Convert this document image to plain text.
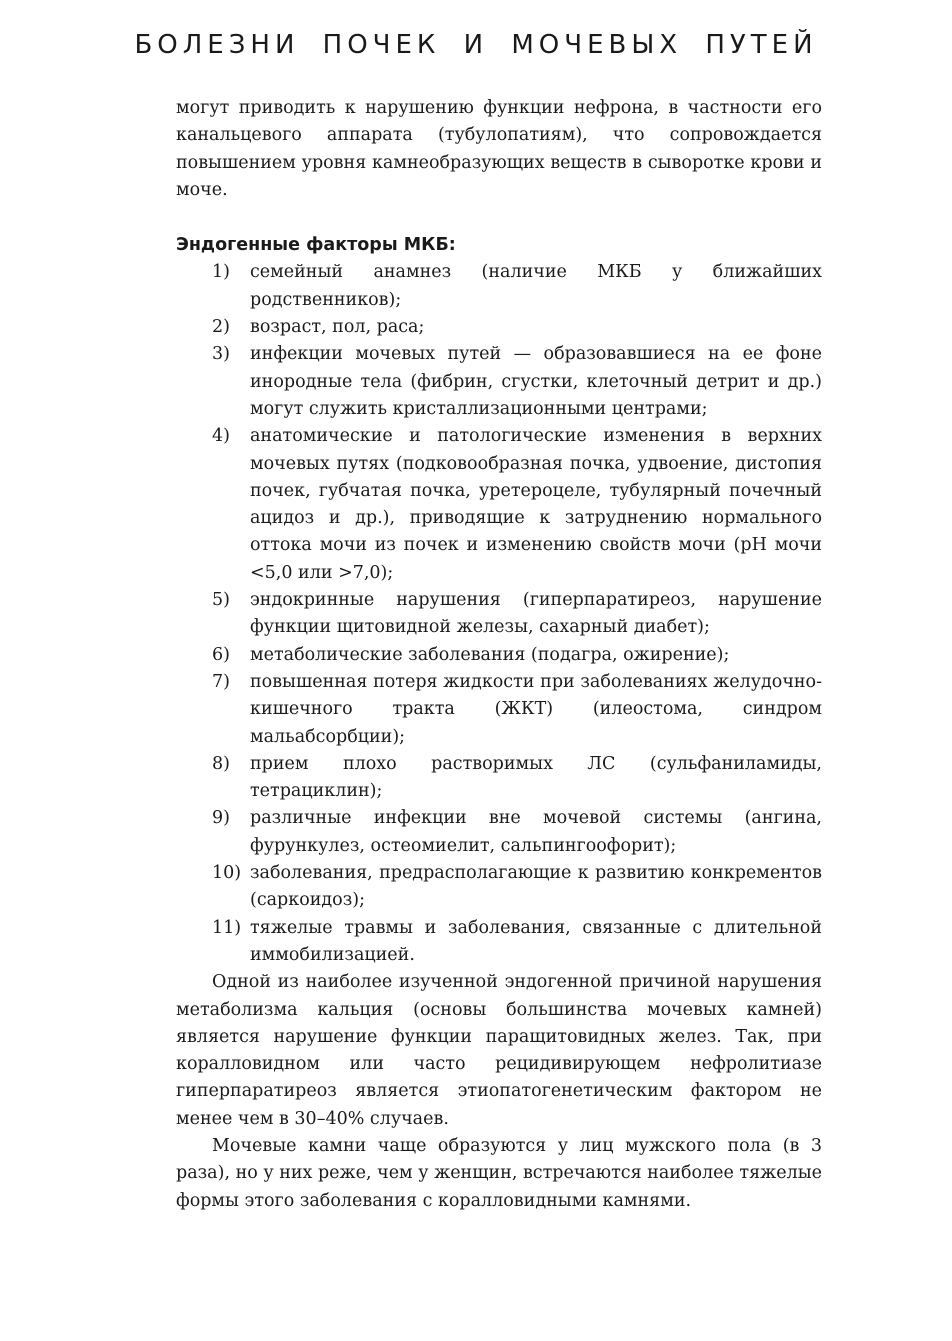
БОЛЕЗНИ ПОЧЕК И МОЧЕВЫХ ПУТЕЙ

могут приводить к нарушению функции нефрона, в частности его канальцевого аппарата (тубулопатиям), что сопровождается повышением уровня камнеобразующих веществ в сыворотке крови и моче.

Эндогенные факторы МКБ:
1) семейный анамнез (наличие МКБ у ближайших родственников);
2) возраст, пол, раса;
3) инфекции мочевых путей — образовавшиеся на ее фоне инородные тела (фибрин, сгустки, клеточный детрит и др.) могут служить кристаллизационными центрами;
4) анатомические и патологические изменения в верхних мочевых путях (подковообразная почка, удвоение, дистопия почек, губчатая почка, уретероцеле, тубулярный почечный ацидоз и др.), приводящие к затруднению нормального оттока мочи из почек и изменению свойств мочи (pH мочи <5,0 или >7,0);
5) эндокринные нарушения (гиперпаратиреоз, нарушение функции щитовидной железы, сахарный диабет);
6) метаболические заболевания (подагра, ожирение);
7) повышенная потеря жидкости при заболеваниях желудочно-кишечного тракта (ЖКТ) (илеостома, синдром мальабсорбции);
8) прием плохо растворимых ЛС (сульфаниламиды, тетрациклин);
9) различные инфекции вне мочевой системы (ангина, фурункулез, остеомиелит, сальпингоофорит);
10) заболевания, предрасполагающие к развитию конкрементов (саркоидоз);
11) тяжелые травмы и заболевания, связанные с длительной иммобилизацией.

Одной из наиболее изученной эндогенной причиной нарушения метаболизма кальция (основы большинства мочевых камней) является нарушение функции паращитовидных желез. Так, при коралловидном или часто рецидивирующем нефролитиазе гиперпаратиреоз является этиопатогенетическим фактором не менее чем в 30–40% случаев.

Мочевые камни чаще образуются у лиц мужского пола (в 3 раза), но у них реже, чем у женщин, встречаются наиболее тяжелые формы этого заболевания с коралловидными камнями.
